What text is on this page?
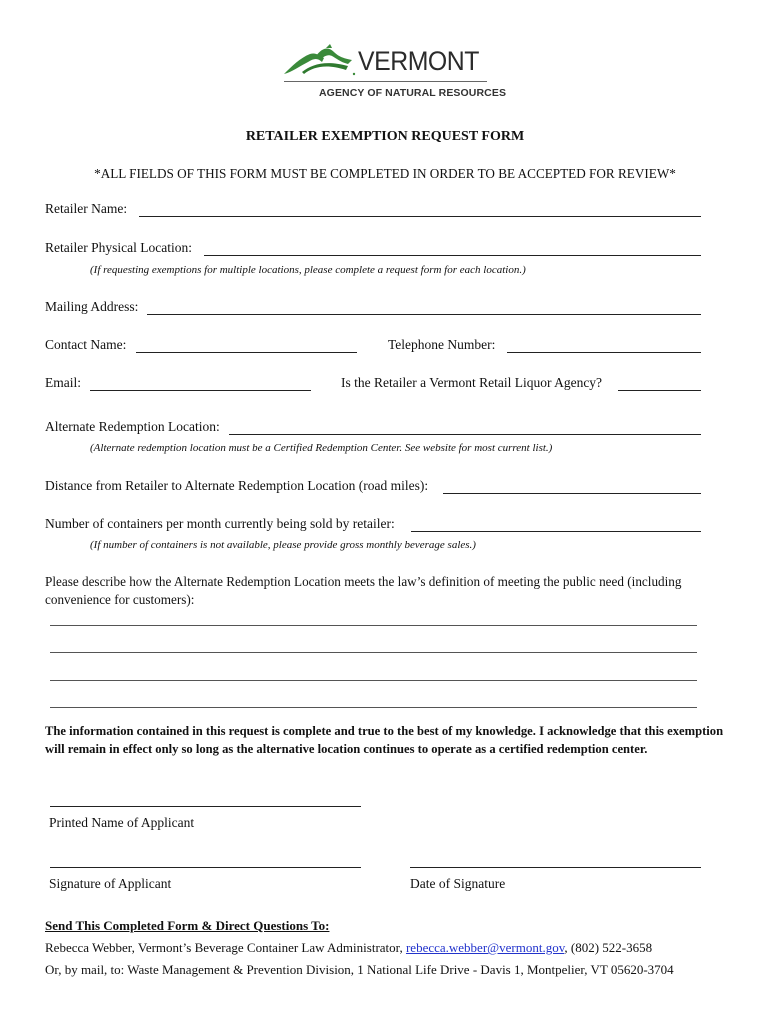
VERMONT
AGENCY OF NATURAL RESOURCES
RETAILER EXEMPTION REQUEST FORM
*ALL FIELDS OF THIS FORM MUST BE COMPLETED IN ORDER TO BE ACCEPTED FOR REVIEW*
Retailer Name:
Retailer Physical Location:
(If requesting exemptions for multiple locations, please complete a request form for each location.)
Mailing Address:
Contact Name:	Telephone Number:
Email:	Is the Retailer a Vermont Retail Liquor Agency?
Alternate Redemption Location:
(Alternate redemption location must be a Certified Redemption Center. See website for most current list.)
Distance from Retailer to Alternate Redemption Location (road miles):
Number of containers per month currently being sold by retailer:
(If number of containers is not available, please provide gross monthly beverage sales.)
Please describe how the Alternate Redemption Location meets the law’s definition of meeting the public need (including convenience for customers):
The information contained in this request is complete and true to the best of my knowledge. I acknowledge that this exemption will remain in effect only so long as the alternative location continues to operate as a certified redemption center.
Printed Name of Applicant
Signature of Applicant	Date of Signature
Send This Completed Form & Direct Questions To:
Rebecca Webber, Vermont’s Beverage Container Law Administrator, rebecca.webber@vermont.gov, (802) 522-3658
Or, by mail, to: Waste Management & Prevention Division, 1 National Life Drive - Davis 1, Montpelier, VT 05620-3704
